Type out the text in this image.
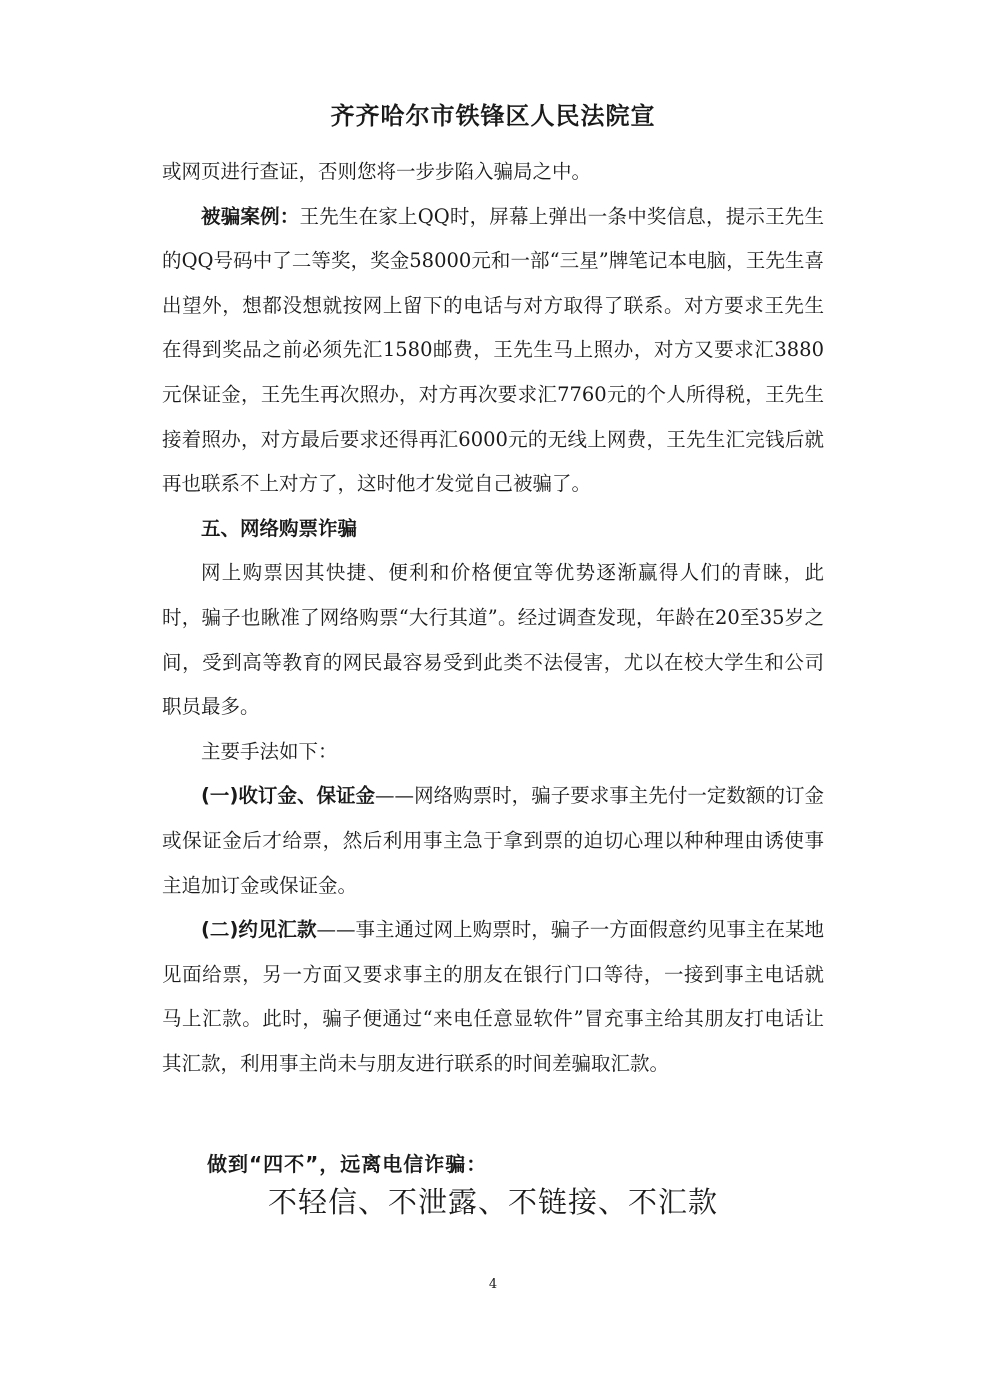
齐齐哈尔市铁锋区人民法院宣

或网页进行查证，否则您将一步步陷入骗局之中。

被骗案例：王先生在家上QQ时，屏幕上弹出一条中奖信息，提示王先生的QQ号码中了二等奖，奖金58000元和一部“三星”牌笔记本电脑，王先生喜出望外，想都没想就按网上留下的电话与对方取得了联系。对方要求王先生在得到奖品之前必须先汇1580邮费，王先生马上照办，对方又要求汇3880元保证金，王先生再次照办，对方再次要求汇7760元的个人所得税，王先生接着照办，对方最后要求还得再汇6000元的无线上网费，王先生汇完钱后就再也联系不上对方了，这时他才发觉自己被骗了。

五、网络购票诈骗

网上购票因其快捷、便利和价格便宜等优势逐渐赢得人们的青睐，此时，骗子也瞅准了网络购票“大行其道”。经过调查发现，年龄在20至35岁之间，受到高等教育的网民最容易受到此类不法侵害，尤以在校大学生和公司职员最多。

主要手法如下：

(一)收订金、保证金——网络购票时，骗子要求事主先付一定数额的订金或保证金后才给票，然后利用事主急于拿到票的迫切心理以种种理由诱使事主追加订金或保证金。

(二)约见汇款——事主通过网上购票时，骗子一方面假意约见事主在某地见面给票，另一方面又要求事主的朋友在银行门口等待，一接到事主电话就马上汇款。此时，骗子便通过“来电任意显软件”冒充事主给其朋友打电话让其汇款，利用事主尚未与朋友进行联系的时间差骗取汇款。

做到“四不”，远离电信诈骗：
不轻信、不泄露、不链接、不汇款
4
